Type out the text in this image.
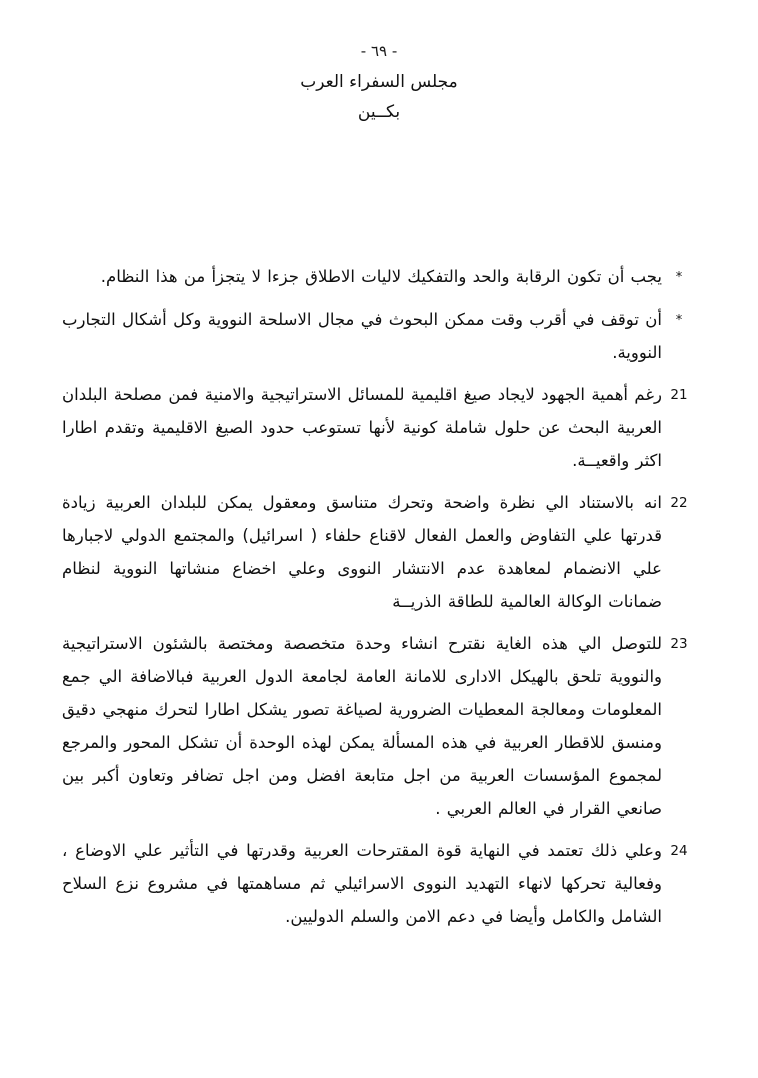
- ٦٩ -
مجلس السفراء العرب
بكــين
*
يجب أن تكون الرقابة والحد والتفكيك لاليات الاطلاق جزءا لا يتجزأ من هذا النظام.
*
أن توقف في أقرب وقت ممكن البحوث في مجال الاسلحة النووية وكل أشكال التجارب النووية.
21
رغم أهمية الجهود لايجاد صيغ اقليمية للمسائل الاستراتيجية والامنية فمن مصلحة البلدان العربية البحث عن حلول شاملة كونية لأنها تستوعب حدود الصيغ الاقليمية وتقدم اطارا اكثر واقعيــة.
22
انه بالاستناد الي نظرة واضحة وتحرك متناسق ومعقول يمكن للبلدان العربية زيادة قدرتها علي التفاوض والعمل الفعال لاقناع حلفاء ( اسرائيل) والمجتمع الدولي لاجبارها علي الانضمام لمعاهدة عدم الانتشار النووى وعلي اخضاع منشاتها النووية لنظام ضمانات الوكالة العالمية للطاقة الذريــة
23
للتوصل الي هذه الغاية نقترح انشاء وحدة متخصصة ومختصة بالشئون الاستراتيجية والنووية تلحق بالهيكل الادارى للامانة العامة لجامعة الدول العربية فبالاضافة الي جمع المعلومات ومعالجة المعطيات الضرورية لصياغة تصور يشكل اطارا لتحرك منهجي دقيق ومنسق للاقطار العربية في هذه المسألة يمكن لهذه الوحدة أن تشكل المحور والمرجع لمجموع المؤسسات العربية من اجل متابعة افضل ومن اجل تضافر وتعاون أكبر بين صانعي القرار في العالم العربي .
24
وعلي ذلك تعتمد في النهاية قوة المقترحات العربية وقدرتها في التأثير علي الاوضاع ، وفعالية تحركها لانهاء التهديد النووى الاسرائيلي ثم مساهمتها في مشروع نزع السلاح الشامل والكامل وأيضا في دعم الامن والسلم الدوليين.
